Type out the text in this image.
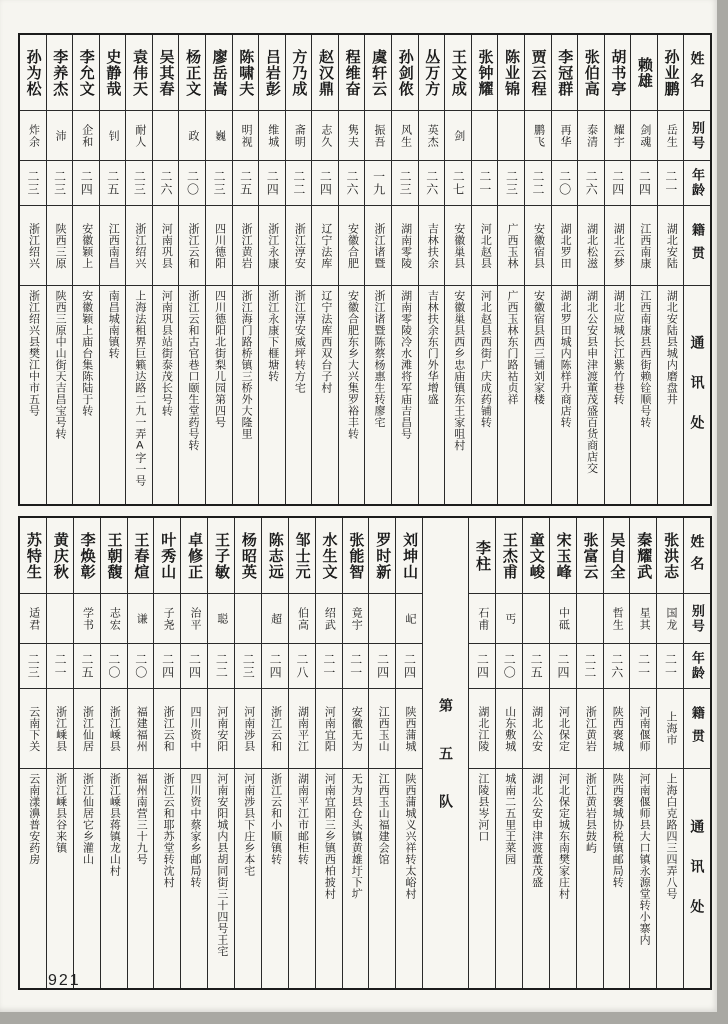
姓名
别号
年龄
籍贯
通讯处
孙业鹏
岳生
二一
湖北安陆
湖北安陆县城内磨盘井
赖雄
剑魂
二四
江西南康
江西南康县西街赖铨顺号转
胡书亭
耀宇
二四
湖北云梦
湖北应城长江紫竹巷转
张伯高
泰清
二六
湖北松滋
湖北公安县申津渡董茂盛百货商店交
李冠群
再华
二〇
湖北罗田
湖北罗田城内陈样升商店转
贾云程
鹏飞
二二
安徽宿县
安徽宿县西三铺刘家楼
陈业锦
二三
广西玉林
广西玉林东门路祜贞祥
张钟耀
二一
河北赵县
河北赵县西街广庆成药铺转
王文成
剑
二七
安徽巢县
安徽巢县西乡忠庙镇东王家咀村
丛万方
英杰
二六
吉林扶余
吉林扶余东门外华增盛
孙剑侬
风生
二三
湖南零陵
湖南零陵冷水滩将军庙吉昌号
虞轩云
振吾
一九
浙江诸暨
浙江诸暨陈蔡杨惠生转廖宅
程维奋
隽夫
二六
安徽合肥
安徽合肥东乡大兴集罗裕丰转
赵汉鼎
志久
二四
辽宁法库
辽宁法库西双台子村
方乃成
斋明
二二
浙江淳安
浙江淳安威坪转方宅
吕岩彭
维城
二四
浙江永康
浙江永康下榧塘转
陈啸夫
明视
二五
浙江黄岩
浙江海门路桥镇三桥外大隆里
廖岳嵩
巍
二三
四川德阳
四川德阳北街梨儿园第四号
杨正文
政
二〇
浙江云和
浙江云和古官巷口颐生堂药号转
吴其春
二六
河南巩县
河南巩县站街泰茂长号转
袁伟天
耐人
二三
浙江绍兴
上海法租界巨籁达路二九一弄A字一号
史静哉
钊
二五
江西南昌
南昌城南镇转
李允文
企和
二四
安徽颖上
安徽颖上庙台集陈陆于转
李养杰
沛
二三
陕西三原
陕西三原中山街天吉昌宝号转
孙为松
炸余
二三
浙江绍兴
浙江绍兴县樊江中市五号
姓名
别号
年龄
籍贯
通讯处
张洪志
国龙
二一
上海市
上海白克路四三四弄八号
秦耀武
星其
二一
河南偃师
河南偃师县大口镇永源堂转小寨内
吴自全
哲生
二六
陕西褒城
陕西褒城协税镇邮局转
张富云
二二
浙江黄岩
浙江黄岩县鼓屿
宋玉峰
中砥
二四
河北保定
河北保定城东南樊家庄村
童文峻
二五
湖北公安
湖北公安申津渡董茂盛
王杰甫
丐
二〇
山东敷城
城南二五里王菜园
李柱
石甫
二四
湖北江陵
江陵县岑河口
第五队
刘坤山
屺
二四
陕西蒲城
陕西蒲城义兴祥转太峪村
罗时新
二四
江西玉山
江西玉山福建会馆
张能智
竟宇
二一
安徽无为
无为县仓头镇黄雄圩下圹
水生文
绍武
二一
河南宜阳
河南宜阳三乡镇西柏披村
邹士元
伯高
二八
湖南平江
湖南平江市邮柜转
陈志远
超
二四
浙江云和
浙江云和小顺镇转
杨昭英
二三
河南涉县
河南涉县下庄乡本宅
王子敏
聪
二二
河南安阳
河南安阳城内县胡同街三十四号王宅
卓修正
治平
二四
四川资中
四川资中蔡家乡邮局转
叶秀山
子尧
二四
浙江云和
浙江云和耶苏堂转沈村
王春煊
谦
二〇
福建福州
福州南营三十九号
王朝馥
志宏
二〇
浙江嵊县
浙江嵊县蒋镇龙山村
李焕彰
学书
二五
浙江仙居
浙江仙居它乡灌山
黄庆秋
二一
浙江嵊县
浙江嵊县谷来镇
苏特生
适君
二三
云南下关
云南漾濞普安药房
921
